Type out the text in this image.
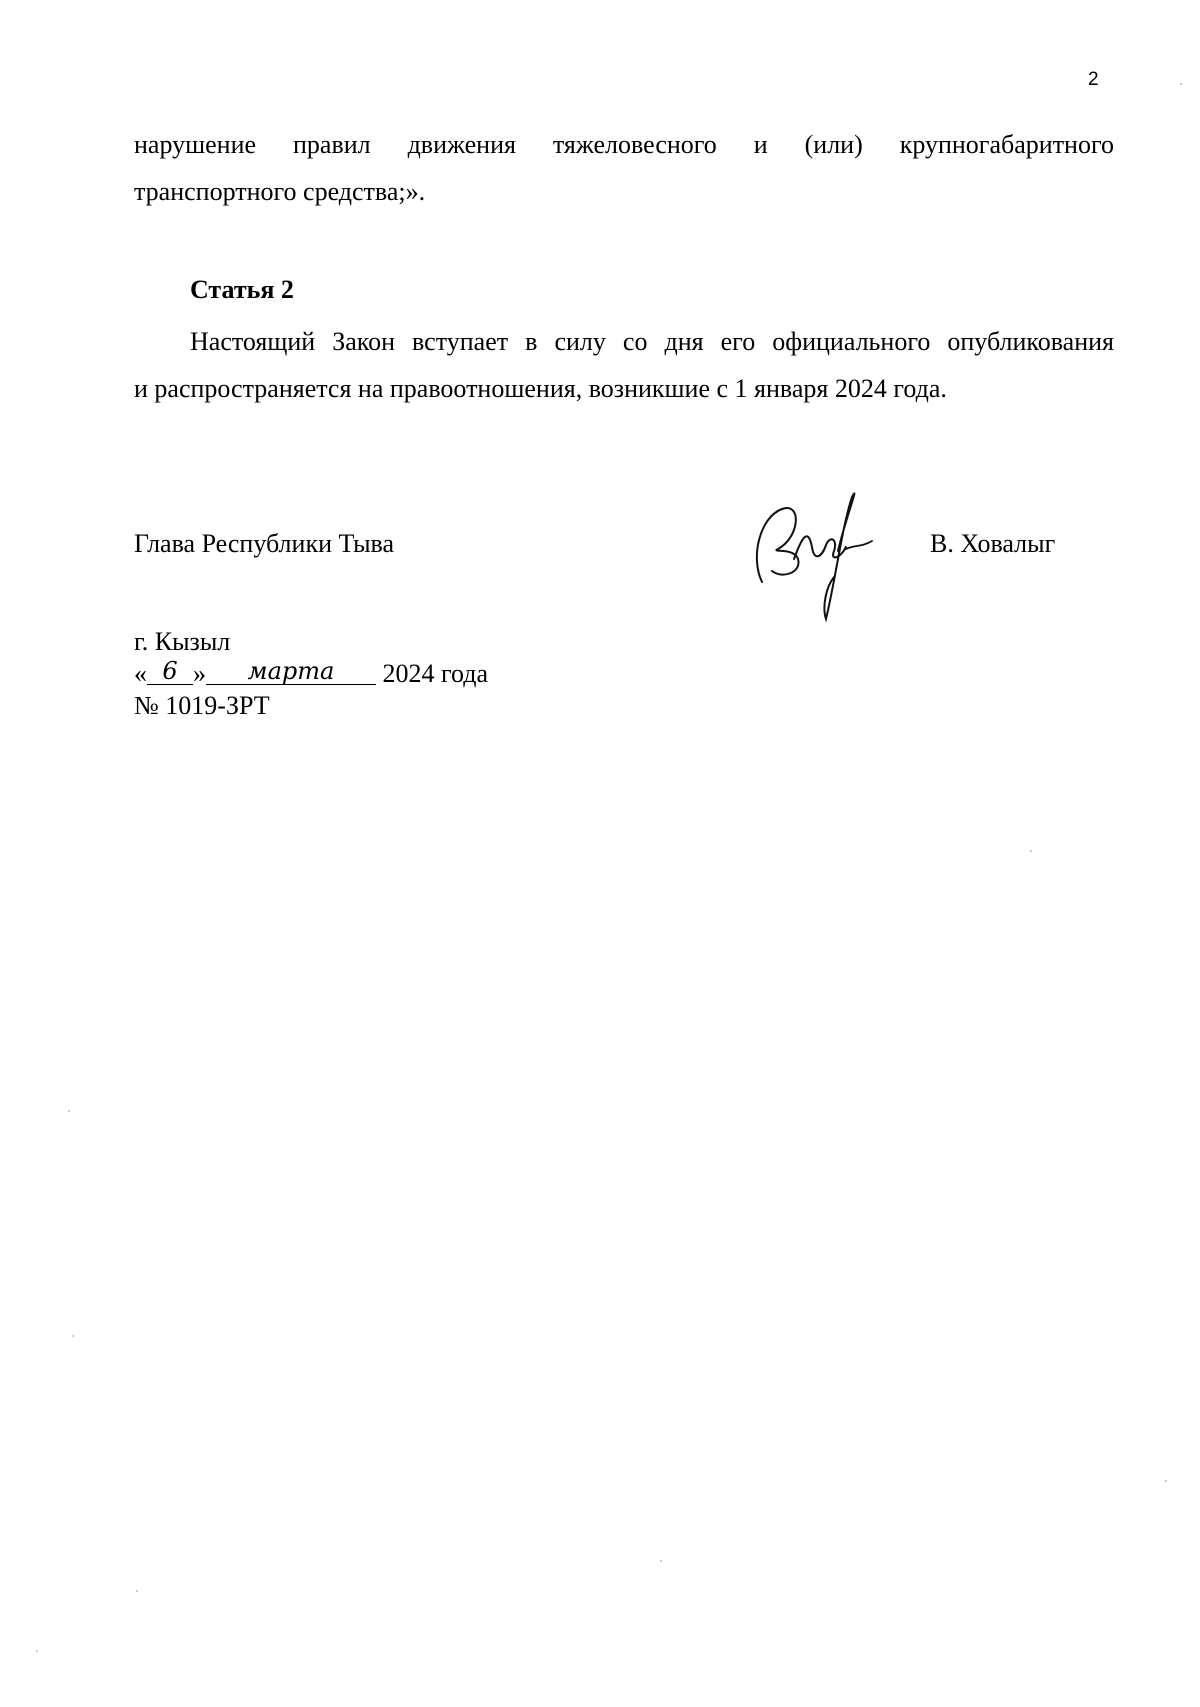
2
нарушение правил движения тяжеловесного и (или) крупногабаритного
транспортного средства;».
Статья 2
Настоящий Закон вступает в силу со дня его официального опубликования
и распространяется на правоотношения, возникшие с 1 января 2024 года.
Глава Республики Тыва	В. Ховалыг
г. Кызыл
« 6 » марта 2024 года
№ 1019-ЗРТ
